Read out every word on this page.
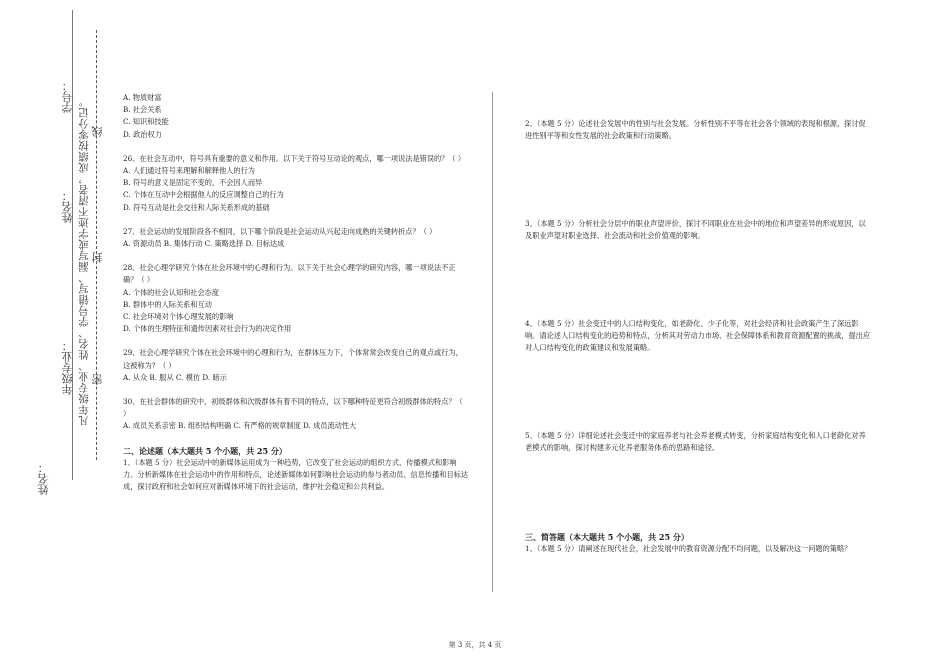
学号：
姓名：
年级专业：
姓名：
凡年级专业、姓名、学号错写、漏写或字迹不清者，成绩按零分记。 线
封
密

A. 物质财富

B. 社会关系

C. 知识和技能

D. 政治权力

26、在社会互动中，符号具有重要的意义和作用。以下关于符号互动论的观点，哪一项说法是错误的？（ ）

A. 人们通过符号来理解和解释他人的行为

B. 符号的意义是固定不变的，不会因人而异

C. 个体在互动中会根据他人的反应调整自己的行为

D. 符号互动是社会交往和人际关系形成的基础

27、社会运动的发展阶段各不相同，以下哪个阶段是社会运动从兴起走向成熟的关键转折点？（ ）

A. 资源动员 B. 集体行动 C. 策略选择 D. 目标达成

28、社会心理学研究个体在社会环境中的心理和行为。以下关于社会心理学的研究内容，哪一项说法不正确？（ ）

A. 个体的社会认知和社会态度

B. 群体中的人际关系和互动

C. 社会环境对个体心理发展的影响

D. 个体的生理特征和遗传因素对社会行为的决定作用

29、社会心理学研究个体在社会环境中的心理和行为，在群体压力下，个体常常会改变自己的观点或行为，这被称为？（ ）

A. 从众 B. 服从 C. 模仿 D. 暗示

30、在社会群体的研究中，初级群体和次级群体有着不同的特点，以下哪种特征更符合初级群体的特点？（ ）

A. 成员关系亲密 B. 组织结构明确 C. 有严格的规章制度 D. 成员流动性大

二、论述题（本大题共 5 个小题，共 25 分）

1、（本题 5 分）社会运动中的新媒体运用成为一种趋势，它改变了社会运动的组织方式、传播模式和影响力。分析新媒体在社会运动中的作用和特点，论述新媒体如何影响社会运动的参与者动员、信息传播和目标达成，探讨政府和社会如何应对新媒体环境下的社会运动，维护社会稳定和公共利益。

2、（本题 5 分）论述社会发展中的性别与社会发展。分析性别不平等在社会各个领域的表现和根源，探讨促进性别平等和女性发展的社会政策和行动策略。

3、（本题 5 分）分析社会分层中的职业声望评价，探讨不同职业在社会中的地位和声望差异的形成原因，以及职业声望对职业选择、社会流动和社会价值观的影响。

4、（本题 5 分）社会变迁中的人口结构变化，如老龄化、少子化等，对社会经济和社会政策产生了深远影响。请论述人口结构变化的趋势和特点，分析其对劳动力市场、社会保障体系和教育资源配置的挑战，提出应对人口结构变化的政策建议和发展策略。

5、（本题 5 分）详细论述社会变迁中的家庭养老与社会养老模式转变，分析家庭结构变化和人口老龄化对养老模式的影响，探讨构建多元化养老服务体系的思路和途径。

三、简答题（本大题共 5 个小题，共 25 分）

1、（本题 5 分）请阐述在现代社会，社会发展中的教育资源分配不均问题，以及解决这一问题的策略？

第 3 页，共 4 页
